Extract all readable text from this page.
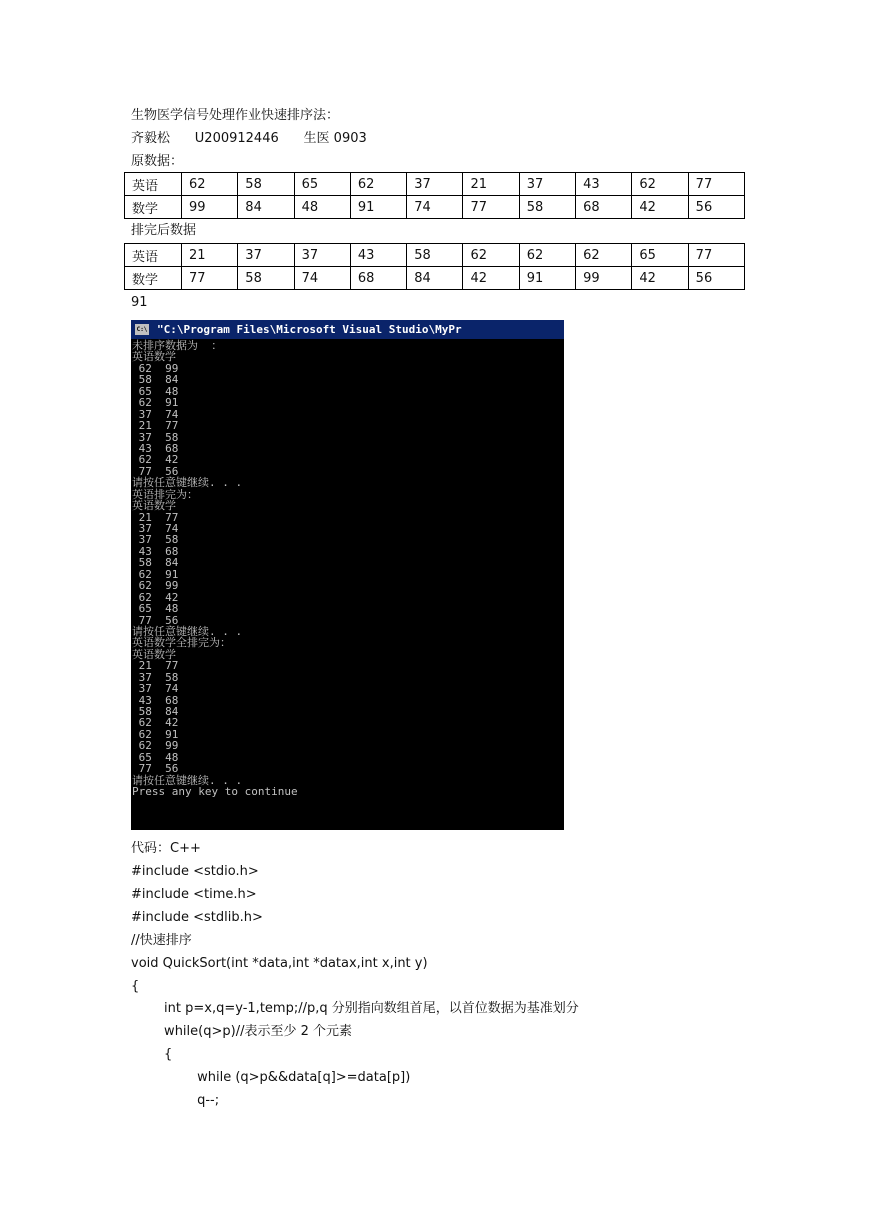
生物医学信号处理作业快速排序法：
齐毅松      U200912446      生医 0903
原数据：
英语	62	58	65	62	37	21	37	43	62	77
数学	99	84	48	91	74	77	58	68	42	56
排完后数据
英语	21	37	37	43	58	62	62	62	65	77
数学	77	58	74	68	84	42	91	99	42	56
91
C:\ "C:\Program Files\Microsoft Visual Studio\MyPr
未排序数据为  ：
英语数学
62  99
58  84
65  48
62  91
37  74
21  77
37  58
43  68
62  42
77  56
请按任意键继续. . .
英语排完为：
英语数学
21  77
37  74
37  58
43  68
58  84
62  91
62  99
62  42
65  48
77  56
请按任意键继续. . .
英语数学全排完为：
英语数学
21  77
37  58
37  74
43  68
58  84
62  42
62  91
62  99
65  48
77  56
请按任意键继续. . .
Press any key to continue
代码：C++
#include <stdio.h>
#include <time.h>
#include <stdlib.h>
//快速排序
void QuickSort(int *data,int *datax,int x,int y)
{
int p=x,q=y-1,temp;//p,q 分别指向数组首尾，以首位数据为基准划分
while(q>p)//表示至少 2 个元素
{
while (q>p&&data[q]>=data[p])
q--;
